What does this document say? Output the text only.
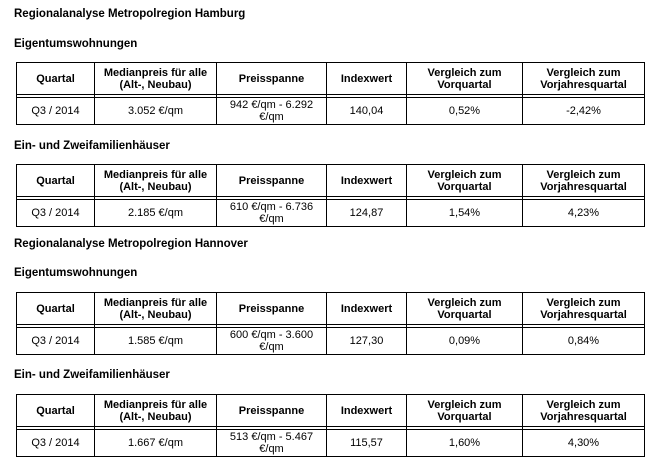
Regionalanalyse Metropolregion Hamburg
Eigentumswohnungen
Quartal	Medianpreis für alle (Alt-, Neubau)	Preisspanne	Indexwert	Vergleich zum Vorquartal	Vergleich zum Vorjahresquartal

Q3 / 2014	3.052 €/qm	942 €/qm - 6.292 €/qm	140,04	0,52%	-2,42%
Ein- und Zweifamilienhäuser
Quartal	Medianpreis für alle (Alt-, Neubau)	Preisspanne	Indexwert	Vergleich zum Vorquartal	Vergleich zum Vorjahresquartal

Q3 / 2014	2.185 €/qm	610 €/qm - 6.736 €/qm	124,87	1,54%	4,23%
Regionalanalyse Metropolregion Hannover
Eigentumswohnungen
Quartal	Medianpreis für alle (Alt-, Neubau)	Preisspanne	Indexwert	Vergleich zum Vorquartal	Vergleich zum Vorjahresquartal

Q3 / 2014	1.585 €/qm	600 €/qm - 3.600 €/qm	127,30	0,09%	0,84%
Ein- und Zweifamilienhäuser
Quartal	Medianpreis für alle (Alt-, Neubau)	Preisspanne	Indexwert	Vergleich zum Vorquartal	Vergleich zum Vorjahresquartal

Q3 / 2014	1.667 €/qm	513 €/qm - 5.467 €/qm	115,57	1,60%	4,30%
